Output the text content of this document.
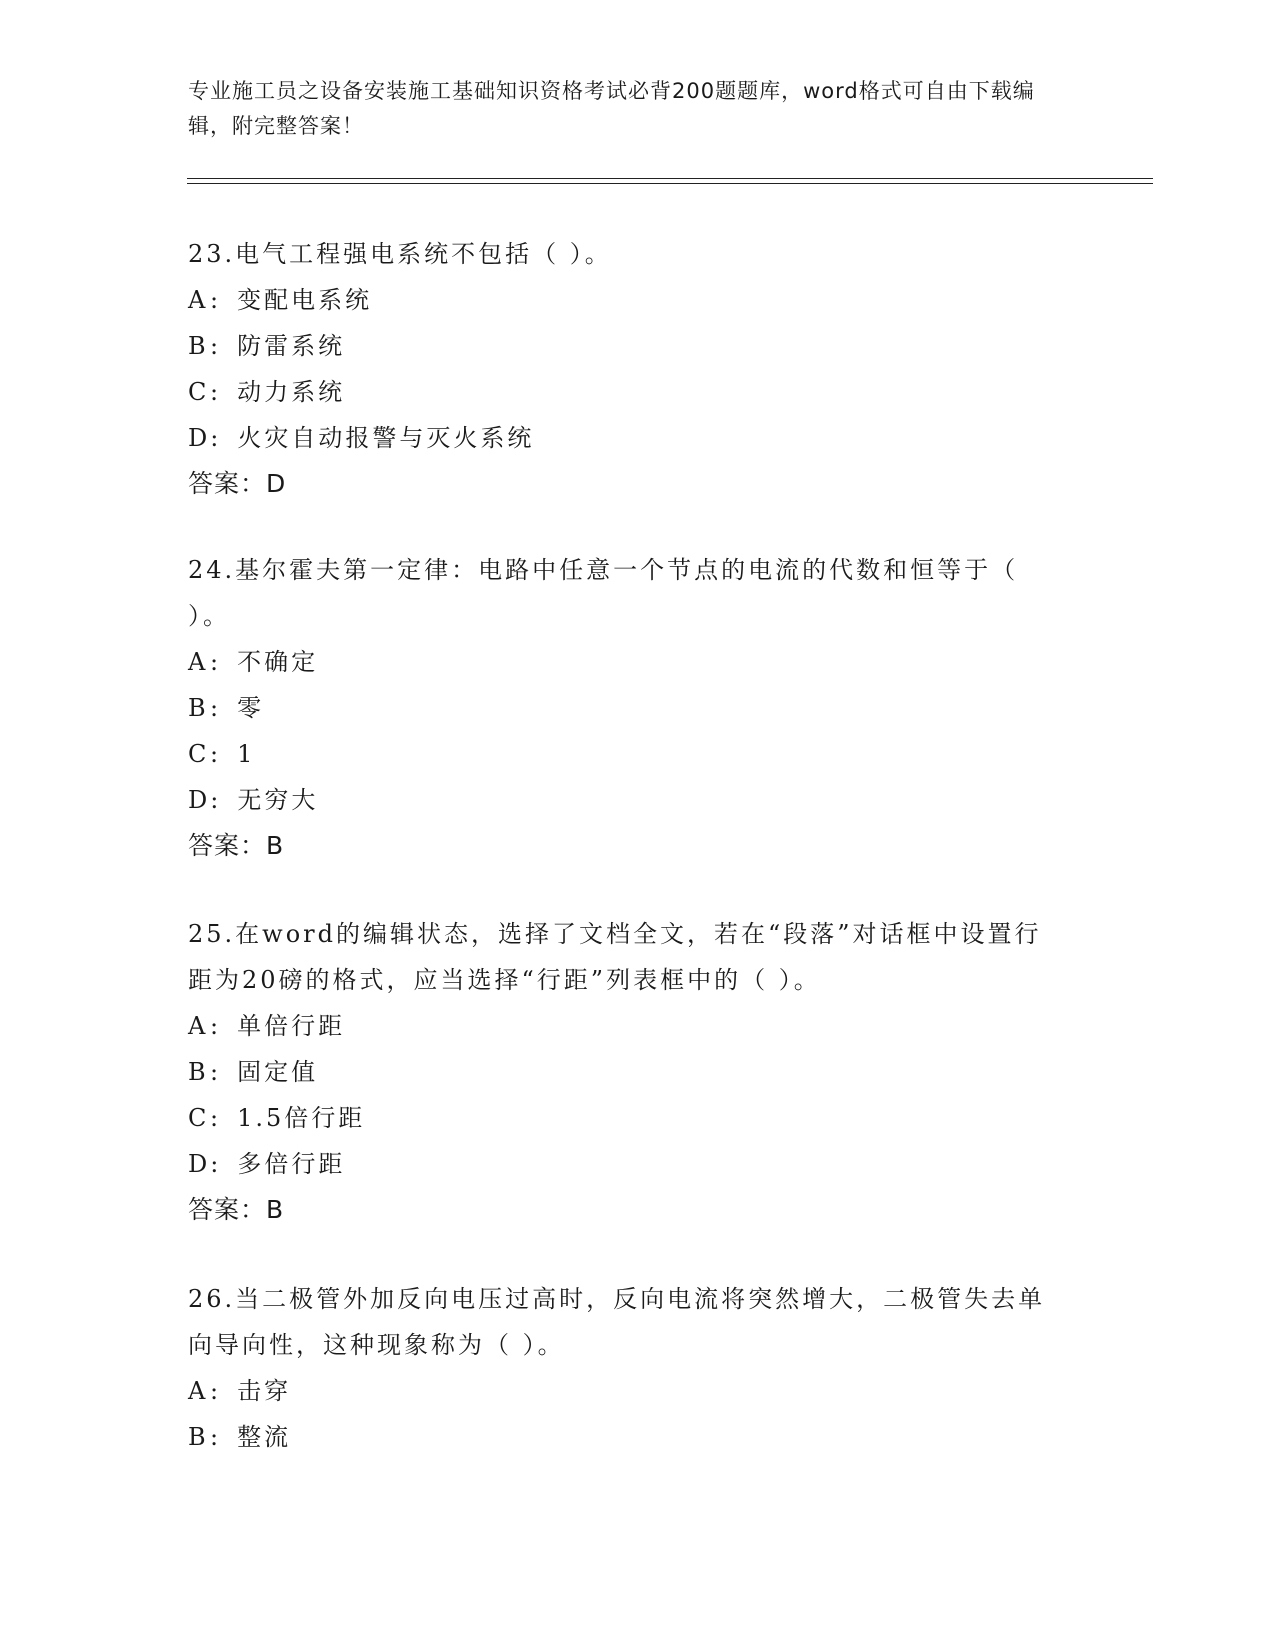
专业施工员之设备安装施工基础知识资格考试必背200题题库，word格式可自由下载编辑，附完整答案！

23.电气工程强电系统不包括（ ）。

A : 变配电系统
B : 防雷系统
C : 动力系统
D : 火灾自动报警与灭火系统

答案：D

24.基尔霍夫第一定律：电路中任意一个节点的电流的代数和恒等于（ ）。

A : 不确定
B : 零
C : 1
D : 无穷大

答案：B

25.在word的编辑状态，选择了文档全文，若在“段落”对话框中设置行距为20磅的格式，应当选择“行距”列表框中的（ ）。

A : 单倍行距
B : 固定值
C : 1.5倍行距
D : 多倍行距

答案：B

26.当二极管外加反向电压过高时，反向电流将突然增大，二极管失去单向导向性，这种现象称为（ ）。

A : 击穿
B : 整流
